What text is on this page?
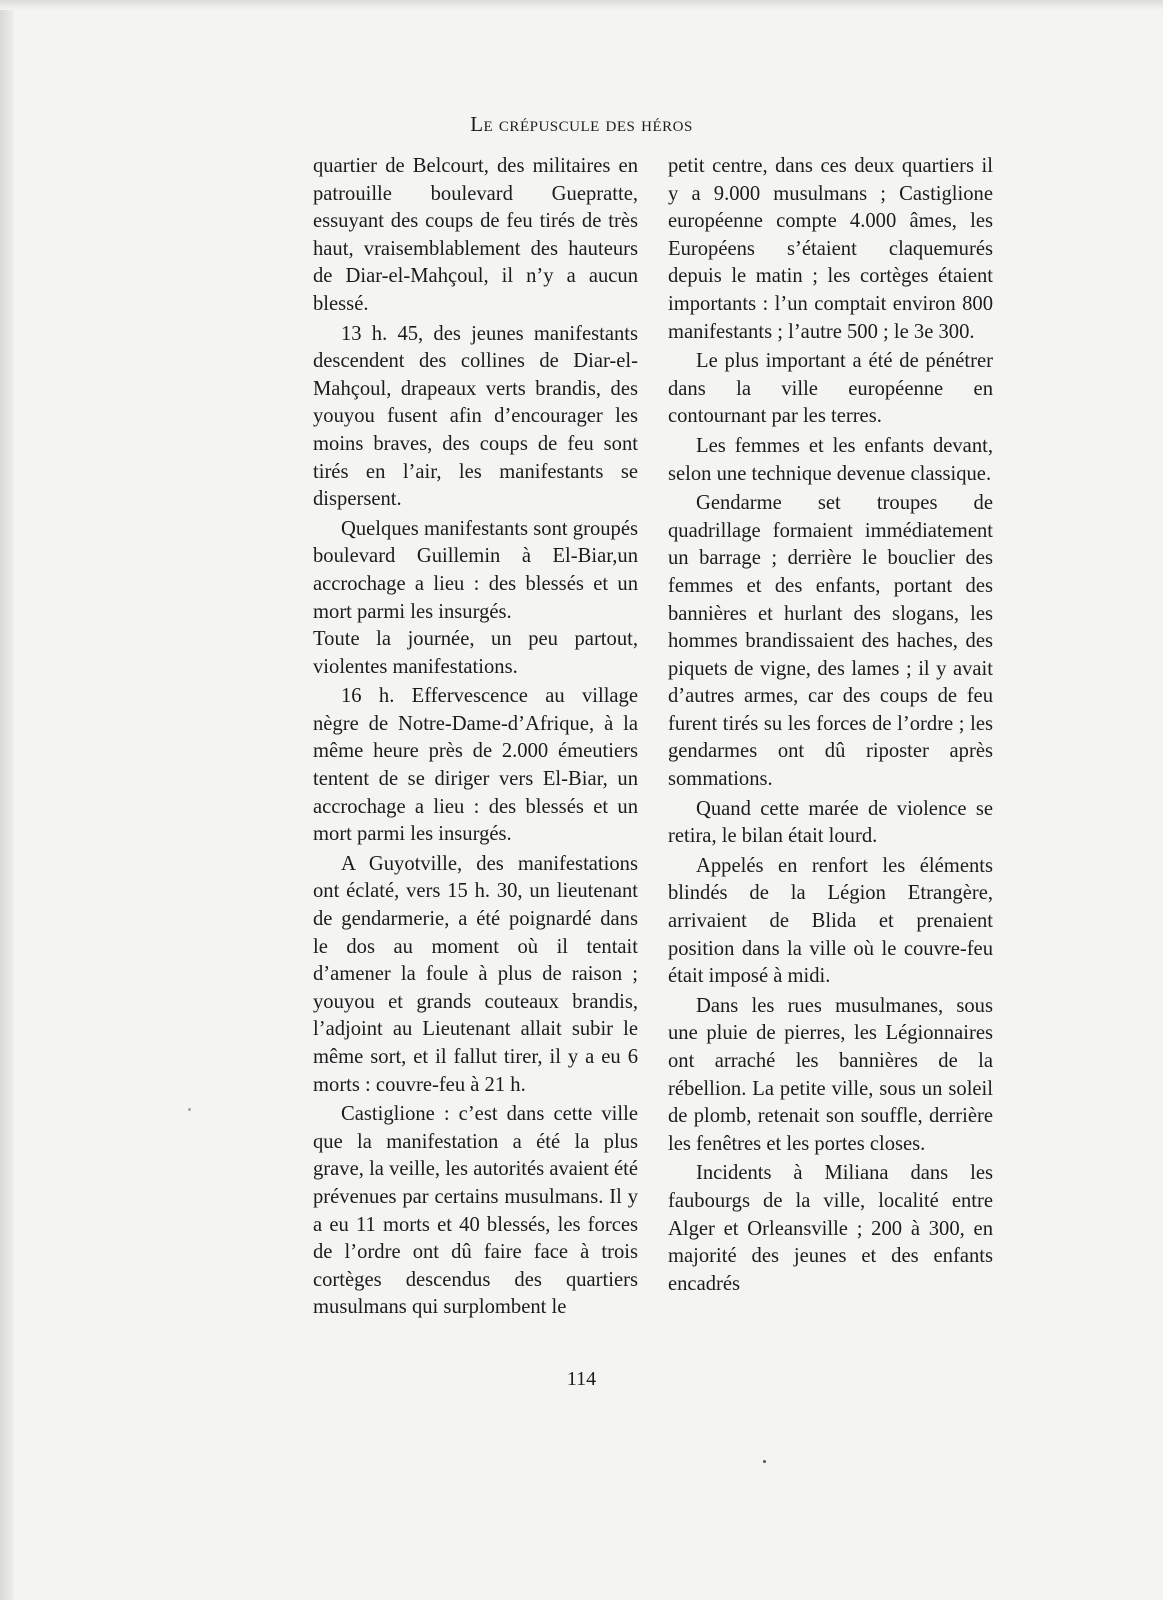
Le crépuscule des héros

quartier de Belcourt, des militaires en patrouille boulevard Guepratte, essuyant des coups de feu tirés de très haut, vraisemblablement des hauteurs de Diar-el-Mahçoul, il n’y a aucun blessé.

13 h. 45, des jeunes manifestants descendent des collines de Diar-el-Mahçoul, drapeaux verts brandis, des youyou fusent afin d’encourager les moins braves, des coups de feu sont tirés en l’air, les manifestants se dispersent.

Quelques manifestants sont groupés boulevard Guillemin à El-Biar,un accrochage a lieu : des blessés et un mort parmi les insurgés.

Toute la journée, un peu partout, violentes manifestations.

16 h. Effervescence au village nègre de Notre-Dame-d’Afrique, à la même heure près de 2.000 émeutiers tentent de se diriger vers El-Biar, un accrochage a lieu : des blessés et un mort parmi les insurgés.

A Guyotville, des manifestations ont éclaté, vers 15 h. 30, un lieutenant de gendarmerie, a été poignardé dans le dos au moment où il tentait d’amener la foule à plus de raison ; youyou et grands couteaux brandis, l’adjoint au Lieutenant allait subir le même sort, et il fallut tirer, il y a eu 6 morts : couvre-feu à 21 h.

Castiglione : c’est dans cette ville que la manifestation a été la plus grave, la veille, les autorités avaient été prévenues par certains musulmans. Il y a eu 11 morts et 40 blessés, les forces de l’ordre ont dû faire face à trois cortèges descendus des quartiers musulmans qui surplombent le

petit centre, dans ces deux quartiers il y a 9.000 musulmans ; Castiglione européenne compte 4.000 âmes, les Européens s’étaient claquemurés depuis le matin ; les cortèges étaient importants : l’un comptait environ 800 manifestants ; l’autre 500 ; le 3e 300.

Le plus important a été de pénétrer dans la ville européenne en contournant par les terres.

Les femmes et les enfants devant, selon une technique devenue classique.

Gendarme set troupes de quadrillage formaient immédiatement un barrage ; derrière le bouclier des femmes et des enfants, portant des bannières et hurlant des slogans, les hommes brandissaient des haches, des piquets de vigne, des lames ; il y avait d’autres armes, car des coups de feu furent tirés su les forces de l’ordre ; les gendarmes ont dû riposter après sommations.

Quand cette marée de violence se retira, le bilan était lourd.

Appelés en renfort les éléments blindés de la Légion Etrangère, arrivaient de Blida et prenaient position dans la ville où le couvre-feu était imposé à midi.

Dans les rues musulmanes, sous une pluie de pierres, les Légionnaires ont arraché les bannières de la rébellion. La petite ville, sous un soleil de plomb, retenait son souffle, derrière les fenêtres et les portes closes.

Incidents à Miliana dans les faubourgs de la ville, localité entre Alger et Orleansville ; 200 à 300, en majorité des jeunes et des enfants encadrés

114
